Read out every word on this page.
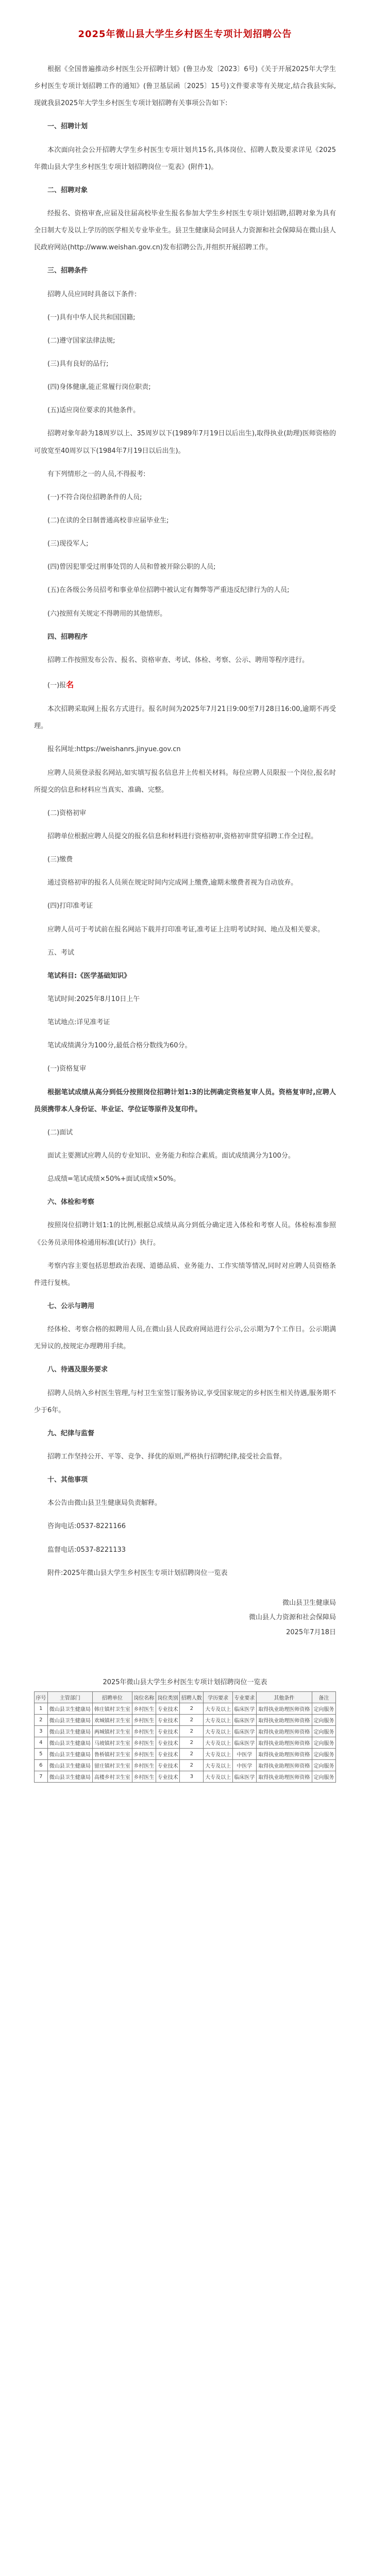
2025年微山县大学生乡村医生专项计划招聘公告
根据《全国普遍推动乡村医生公开招聘计划》(鲁卫办发〔2023〕6号)《关于开展2025年大学生乡村医生专项计划招聘工作的通知》(鲁卫基层函〔2025〕15号)文件要求等有关规定,结合我县实际,现就我县2025年大学生乡村医生专项计划招聘有关事项公告如下:
一、招聘计划
本次面向社会公开招聘大学生乡村医生专项计划共15名,具体岗位、招聘人数及要求详见《2025年微山县大学生乡村医生专项计划招聘岗位一览表》(附件1)。
二、招聘对象
经报名、资格审查,应届及往届高校毕业生报名参加大学生乡村医生专项计划招聘,招聘对象为具有全日制大专及以上学历的医学相关专业毕业生。县卫生健康局会同县人力资源和社会保障局在微山县人民政府网站(http://www.weishan.gov.cn)发布招聘公告,并组织开展招聘工作。
三、招聘条件
招聘人员应同时具备以下条件:
(一)具有中华人民共和国国籍;
(二)遵守国家法律法规;
(三)具有良好的品行;
(四)身体健康,能正常履行岗位职责;
(五)适应岗位要求的其他条件。
招聘对象年龄为18周岁以上、35周岁以下(1989年7月19日以后出生),取得执业(助理)医师资格的可放宽至40周岁以下(1984年7月19日以后出生)。
有下列情形之一的人员,不得报考:
(一)不符合岗位招聘条件的人员;
(二)在读的全日制普通高校非应届毕业生;
(三)现役军人;
(四)曾因犯罪受过刑事处罚的人员和曾被开除公职的人员;
(五)在各级公务员招考和事业单位招聘中被认定有舞弊等严重违反纪律行为的人员;
(六)按照有关规定不得聘用的其他情形。
四、招聘程序
招聘工作按照发布公告、报名、资格审查、考试、体检、考察、公示、聘用等程序进行。
(一)报名
本次招聘采取网上报名方式进行。报名时间为2025年7月21日9:00至7月28日16:00,逾期不再受理。
报名网址:https://weishanrs.jinyue.gov.cn
应聘人员须登录报名网站,如实填写报名信息并上传相关材料。每位应聘人员限报一个岗位,报名时所提交的信息和材料应当真实、准确、完整。
(二)资格初审
招聘单位根据应聘人员提交的报名信息和材料进行资格初审,资格初审贯穿招聘工作全过程。
(三)缴费
通过资格初审的报名人员须在规定时间内完成网上缴费,逾期未缴费者视为自动放弃。
(四)打印准考证
应聘人员可于考试前在报名网站下载并打印准考证,准考证上注明考试时间、地点及相关要求。
五、考试
笔试科目:《医学基础知识》
笔试时间:2025年8月10日上午
笔试地点:详见准考证
笔试成绩满分为100分,最低合格分数线为60分。
(一)资格复审
根据笔试成绩从高分到低分按照岗位招聘计划1:3的比例确定资格复审人员。资格复审时,应聘人员须携带本人身份证、毕业证、学位证等原件及复印件。
(二)面试
面试主要测试应聘人员的专业知识、业务能力和综合素质。面试成绩满分为100分。
总成绩=笔试成绩×50%+面试成绩×50%。
六、体检和考察
按照岗位招聘计划1:1的比例,根据总成绩从高分到低分确定进入体检和考察人员。体检标准参照《公务员录用体检通用标准(试行)》执行。
考察内容主要包括思想政治表现、道德品质、业务能力、工作实绩等情况,同时对应聘人员资格条件进行复核。
七、公示与聘用
经体检、考察合格的拟聘用人员,在微山县人民政府网站进行公示,公示期为7个工作日。公示期满无异议的,按规定办理聘用手续。
八、待遇及服务要求
招聘人员纳入乡村医生管理,与村卫生室签订服务协议,享受国家规定的乡村医生相关待遇,服务期不少于6年。
九、纪律与监督
招聘工作坚持公开、平等、竞争、择优的原则,严格执行招聘纪律,接受社会监督。
十、其他事项
本公告由微山县卫生健康局负责解释。
咨询电话:0537-8221166
监督电话:0537-8221133
附件:2025年微山县大学生乡村医生专项计划招聘岗位一览表
微山县卫生健康局
微山县人力资源和社会保障局
2025年7月18日
2025年微山县大学生乡村医生专项计划招聘岗位一览表
序号	主管部门	招聘单位	岗位名称	岗位类别	招聘人数	学历要求	专业要求	其他条件	备注
1	微山县卫生健康局	韩庄镇村卫生室	乡村医生	专业技术	2	大专及以上	临床医学	取得执业助理医师资格	定向服务
2	微山县卫生健康局	欢城镇村卫生室	乡村医生	专业技术	2	大专及以上	临床医学	取得执业助理医师资格	定向服务
3	微山县卫生健康局	两城镇村卫生室	乡村医生	专业技术	2	大专及以上	临床医学	取得执业助理医师资格	定向服务
4	微山县卫生健康局	马坡镇村卫生室	乡村医生	专业技术	2	大专及以上	临床医学	取得执业助理医师资格	定向服务
5	微山县卫生健康局	鲁桥镇村卫生室	乡村医生	专业技术	2	大专及以上	中医学	取得执业助理医师资格	定向服务
6	微山县卫生健康局	留庄镇村卫生室	乡村医生	专业技术	2	大专及以上	中医学	取得执业助理医师资格	定向服务
7	微山县卫生健康局	高楼乡村卫生室	乡村医生	专业技术	3	大专及以上	临床医学	取得执业助理医师资格	定向服务
